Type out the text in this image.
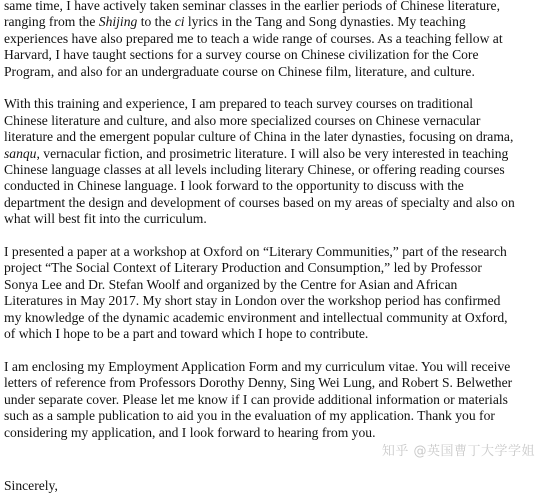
same time, I have actively taken seminar classes in the earlier periods of Chinese literature,
ranging from the Shijing to the ci lyrics in the Tang and Song dynasties. My teaching
experiences have also prepared me to teach a wide range of courses. As a teaching fellow at
Harvard, I have taught sections for a survey course on Chinese civilization for the Core
Program, and also for an undergraduate course on Chinese film, literature, and culture.
With this training and experience, I am prepared to teach survey courses on traditional
Chinese literature and culture, and also more specialized courses on Chinese vernacular
literature and the emergent popular culture of China in the later dynasties, focusing on drama,
sanqu, vernacular fiction, and prosimetric literature. I will also be very interested in teaching
Chinese language classes at all levels including literary Chinese, or offering reading courses
conducted in Chinese language. I look forward to the opportunity to discuss with the
department the design and development of courses based on my areas of specialty and also on
what will best fit into the curriculum.
I presented a paper at a workshop at Oxford on “Literary Communities,” part of the research
project “The Social Context of Literary Production and Consumption,” led by Professor
Sonya Lee and Dr. Stefan Woolf and organized by the Centre for Asian and African
Literatures in May 2017. My short stay in London over the workshop period has confirmed
my knowledge of the dynamic academic environment and intellectual community at Oxford,
of which I hope to be a part and toward which I hope to contribute.
I am enclosing my Employment Application Form and my curriculum vitae. You will receive
letters of reference from Professors Dorothy Denny, Sing Wei Lung, and Robert S. Belwether
under separate cover. Please let me know if I can provide additional information or materials
such as a sample publication to aid you in the evaluation of my application. Thank you for
considering my application, and I look forward to hearing from you.
知乎 @英国曹丁大学学姐
Sincerely,
